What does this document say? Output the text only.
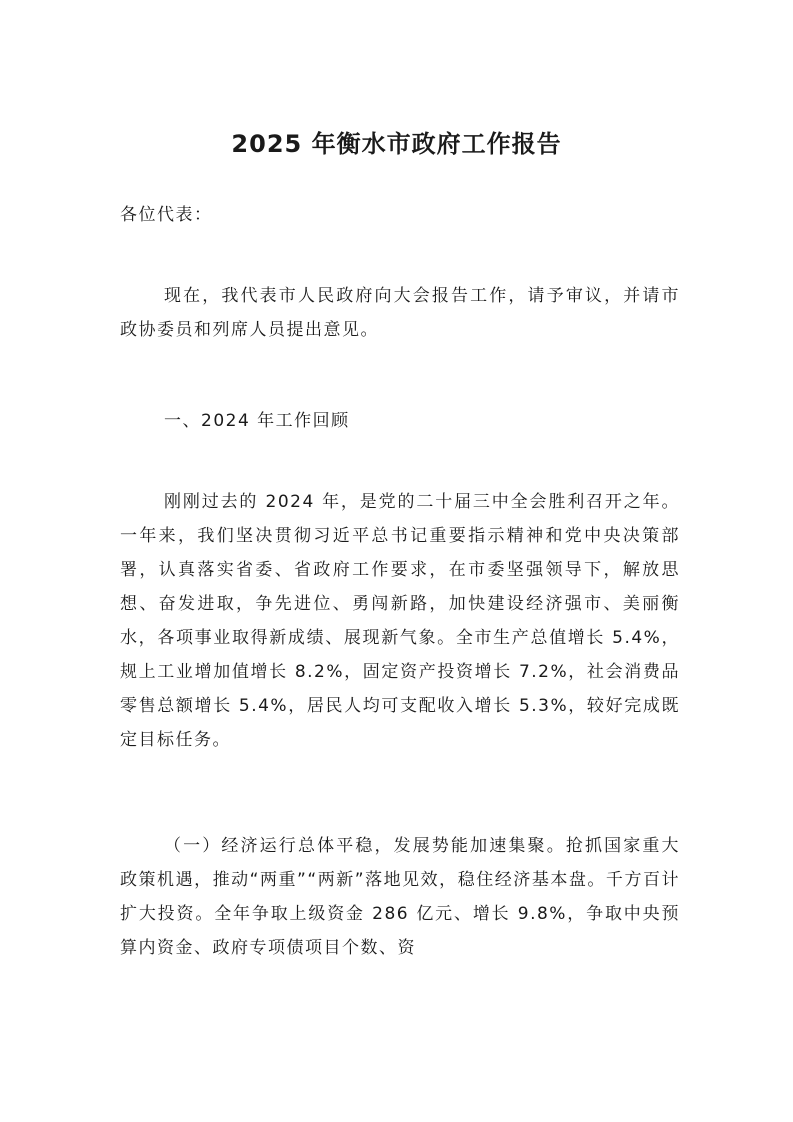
2025 年衡水市政府工作报告

各位代表：

现在，我代表市人民政府向大会报告工作，请予审议，并请市政协委员和列席人员提出意见。

一、2024 年工作回顾

刚刚过去的 2024 年，是党的二十届三中全会胜利召开之年。一年来，我们坚决贯彻习近平总书记重要指示精神和党中央决策部署，认真落实省委、省政府工作要求，在市委坚强领导下，解放思想、奋发进取，争先进位、勇闯新路，加快建设经济强市、美丽衡水，各项事业取得新成绩、展现新气象。全市生产总值增长 5.4%，规上工业增加值增长 8.2%，固定资产投资增长 7.2%，社会消费品零售总额增长 5.4%，居民人均可支配收入增长 5.3%，较好完成既定目标任务。

（一）经济运行总体平稳，发展势能加速集聚。抢抓国家重大政策机遇，推动“两重”“两新”落地见效，稳住经济基本盘。千方百计扩大投资。全年争取上级资金 286 亿元、增长 9.8%，争取中央预算内资金、政府专项债项目个数、资
